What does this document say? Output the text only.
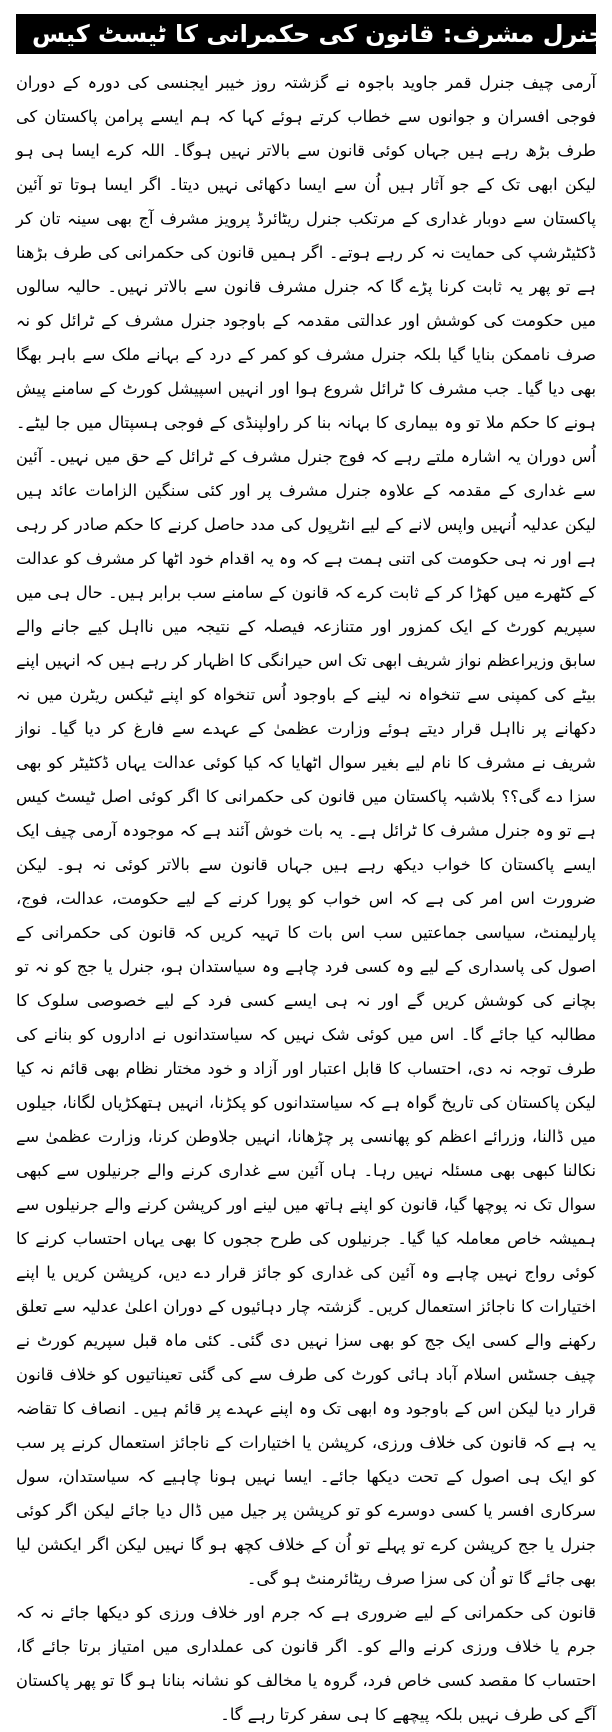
جنرل مشرف: قانون کی حکمرانی کا ٹیسٹ کیس

آرمی چیف جنرل قمر جاوید باجوہ نے گزشتہ روز خیبر ایجنسی کی دورہ کے دوران فوجی افسران و جوانوں سے خطاب کرتے ہوئے کہا کہ ہم ایسے پرامن پاکستان کی طرف بڑھ رہے ہیں جہاں کوئی قانون سے بالاتر نہیں ہوگا۔ اللہ کرے ایسا ہی ہو لیکن ابھی تک کے جو آثار ہیں اُن سے ایسا دکھائی نہیں دیتا۔ اگر ایسا ہوتا تو آئین پاکستان سے دوبار غداری کے مرتکب جنرل ریٹائرڈ پرویز مشرف آج بھی سینہ تان کر ڈکٹیٹرشپ کی حمایت نہ کر رہے ہوتے۔ اگر ہمیں قانون کی حکمرانی کی طرف بڑھنا ہے تو پھر یہ ثابت کرنا پڑے گا کہ جنرل مشرف قانون سے بالاتر نہیں۔ حالیہ سالوں میں حکومت کی کوشش اور عدالتی مقدمہ کے باوجود جنرل مشرف کے ٹرائل کو نہ صرف ناممکن بنایا گیا بلکہ جنرل مشرف کو کمر کے درد کے بہانے ملک سے باہر بھگا بھی دیا گیا۔ جب مشرف کا ٹرائل شروع ہوا اور انہیں اسپیشل کورٹ کے سامنے پیش ہونے کا حکم ملا تو وہ بیماری کا بہانہ بنا کر راولپنڈی کے فوجی ہسپتال میں جا لیٹے۔ اُس دوران یہ اشارہ ملتے رہے کہ فوج جنرل مشرف کے ٹرائل کے حق میں نہیں۔ آئین سے غداری کے مقدمہ کے علاوہ جنرل مشرف پر اور کئی سنگین الزامات عائد ہیں لیکن عدلیہ اُنہیں واپس لانے کے لیے انٹرپول کی مدد حاصل کرنے کا حکم صادر کر رہی ہے اور نہ ہی حکومت کی اتنی ہمت ہے کہ وہ یہ اقدام خود اٹھا کر مشرف کو عدالت کے کٹھرے میں کھڑا کر کے ثابت کرے کہ قانون کے سامنے سب برابر ہیں۔ حال ہی میں سپریم کورٹ کے ایک کمزور اور متنازعہ فیصلہ کے نتیجہ میں نااہل کیے جانے والے سابق وزیراعظم نواز شریف ابھی تک اس حیرانگی کا اظہار کر رہے ہیں کہ انہیں اپنے بیٹے کی کمپنی سے تنخواہ نہ لینے کے باوجود اُس تنخواہ کو اپنے ٹیکس ریٹرن میں نہ دکھانے پر نااہل قرار دیتے ہوئے وزارت عظمیٰ کے عہدے سے فارغ کر دیا گیا۔ نواز شریف نے مشرف کا نام لیے بغیر سوال اٹھایا کہ کیا کوئی عدالت یہاں ڈکٹیٹر کو بھی سزا دے گی؟؟ بلاشبہ پاکستان میں قانون کی حکمرانی کا اگر کوئی اصل ٹیسٹ کیس ہے تو وہ جنرل مشرف کا ٹرائل ہے۔ یہ بات خوش آئند ہے کہ موجودہ آرمی چیف ایک ایسے پاکستان کا خواب دیکھ رہے ہیں جہاں قانون سے بالاتر کوئی نہ ہو۔ لیکن ضرورت اس امر کی ہے کہ اس خواب کو پورا کرنے کے لیے حکومت، عدالت، فوج، پارلیمنٹ، سیاسی جماعتیں سب اس بات کا تہیہ کریں کہ قانون کی حکمرانی کے اصول کی پاسداری کے لیے وہ کسی فرد چاہے وہ سیاستدان ہو، جنرل یا جج کو نہ تو بچانے کی کوشش کریں گے اور نہ ہی ایسے کسی فرد کے لیے خصوصی سلوک کا مطالبہ کیا جائے گا۔ اس میں کوئی شک نہیں کہ سیاستدانوں نے اداروں کو بنانے کی طرف توجہ نہ دی، احتساب کا قابل اعتبار اور آزاد و خود مختار نظام بھی قائم نہ کیا لیکن پاکستان کی تاریخ گواہ ہے کہ سیاستدانوں کو پکڑنا، انہیں ہتھکڑیاں لگانا، جیلوں میں ڈالنا، وزرائے اعظم کو پھانسی پر چڑھانا، انہیں جلاوطن کرنا، وزارت عظمیٰ سے نکالنا کبھی بھی مسئلہ نہیں رہا۔ ہاں آئین سے غداری کرنے والے جرنیلوں سے کبھی سوال تک نہ پوچھا گیا، قانون کو اپنے ہاتھ میں لینے اور کرپشن کرنے والے جرنیلوں سے ہمیشہ خاص معاملہ کیا گیا۔ جرنیلوں کی طرح ججوں کا بھی یہاں احتساب کرنے کا کوئی رواج نہیں چاہے وہ آئین کی غداری کو جائز قرار دے دیں، کرپشن کریں یا اپنے اختیارات کا ناجائز استعمال کریں۔ گزشتہ چار دہائیوں کے دوران اعلیٰ عدلیہ سے تعلق رکھنے والے کسی ایک جج کو بھی سزا نہیں دی گئی۔ کئی ماہ قبل سپریم کورٹ نے چیف جسٹس اسلام آباد ہائی کورٹ کی طرف سے کی گئی تعیناتیوں کو خلاف قانون قرار دیا لیکن اس کے باوجود وہ ابھی تک وہ اپنے عہدے پر قائم ہیں۔ انصاف کا تقاضہ یہ ہے کہ قانون کی خلاف ورزی، کرپشن یا اختیارات کے ناجائز استعمال کرنے پر سب کو ایک ہی اصول کے تحت دیکھا جائے۔ ایسا نہیں ہونا چاہیے کہ سیاستدان، سول سرکاری افسر یا کسی دوسرے کو تو کرپشن پر جیل میں ڈال دیا جائے لیکن اگر کوئی جنرل یا جج کرپشن کرے تو پہلے تو اُن کے خلاف کچھ ہو گا نہیں لیکن اگر ایکشن لیا بھی جائے گا تو اُن کی سزا صرف ریٹائرمنٹ ہو گی۔

قانون کی حکمرانی کے لیے ضروری ہے کہ جرم اور خلاف ورزی کو دیکھا جائے نہ کہ جرم یا خلاف ورزی کرنے والے کو۔ اگر قانون کی عملداری میں امتیاز برتا جائے گا، احتساب کا مقصد کسی خاص فرد، گروہ یا مخالف کو نشانہ بنانا ہو گا تو پھر پاکستان آگے کی طرف نہیں بلکہ پیچھے کا ہی سفر کرتا رہے گا۔
